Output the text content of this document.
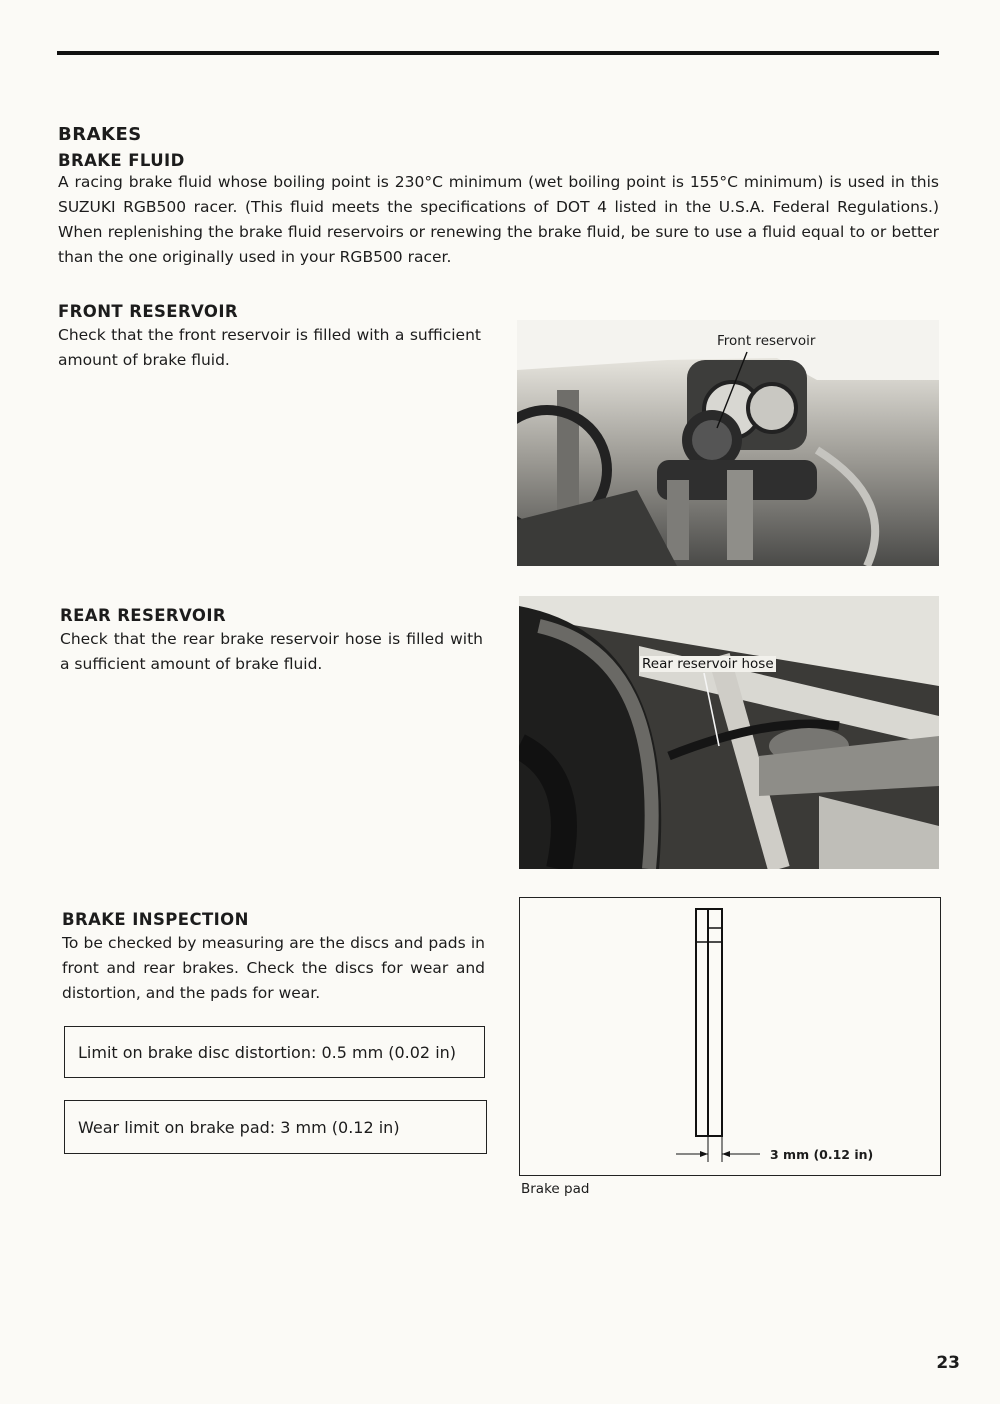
BRAKES
BRAKE FLUID

A racing brake fluid whose boiling point is 230°C minimum (wet boiling point is 155°C minimum) is used in this SUZUKI RGB500 racer. (This fluid meets the specifications of DOT 4 listed in the U.S.A. Federal Regulations.) When replenishing the brake fluid reservoirs or renewing the brake fluid, be sure to use a fluid equal to or better than the one originally used in your RGB500 racer.

FRONT RESERVOIR

Check that the front reservoir is filled with a sufficient amount of brake fluid.

Front reservoir
REAR RESERVOIR

Check that the rear brake reservoir hose is filled with a sufficient amount of brake fluid.	Rear reservoir hose
BRAKE INSPECTION

To be checked by measuring are the discs and pads in front and rear brakes. Check the discs for wear and distortion, and the pads for wear.

Limit on brake disc distortion: 0.5 mm (0.02 in)
Wear limit on brake pad: 3 mm (0.12 in)
3 mm (0.12 in)
Brake pad
23
